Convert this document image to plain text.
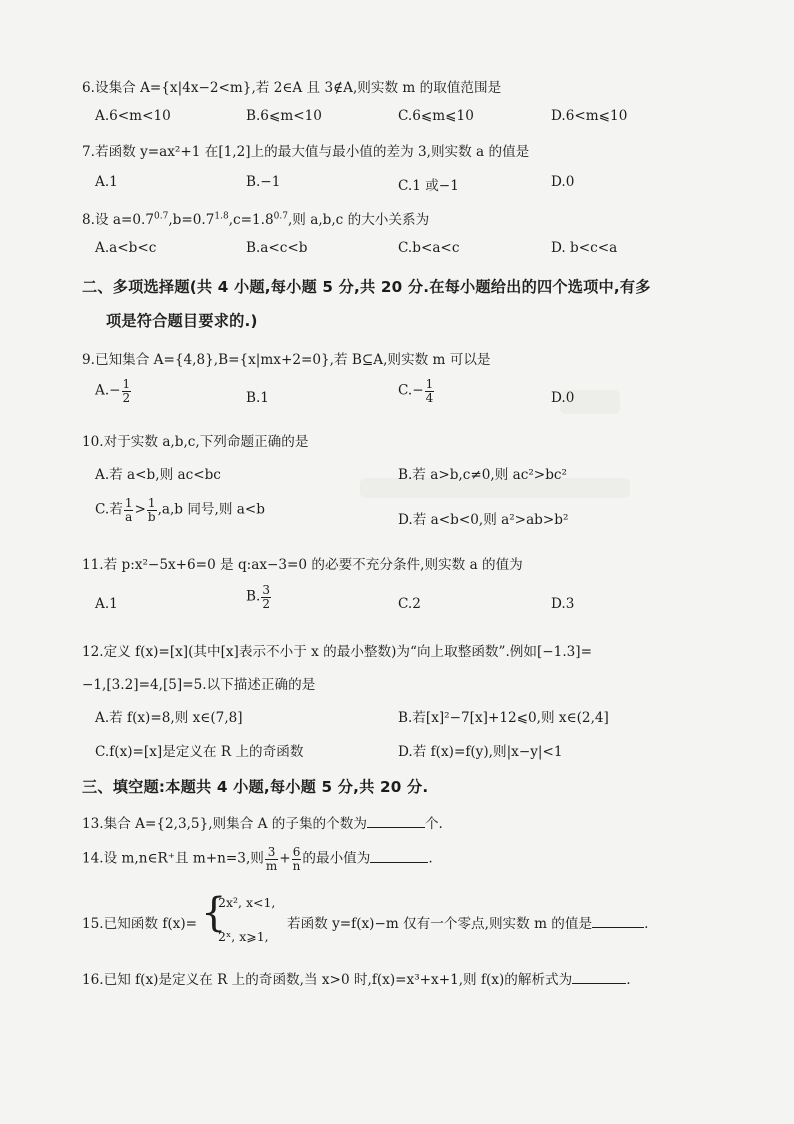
6.设集合 A={x|4x−2<m},若 2∈A 且 3∉A,则实数 m 的取值范围是
A.6<m<10	B.6⩽m<10	C.6⩽m⩽10	D.6<m⩽10
7.若函数 y=ax²+1 在[1,2]上的最大值与最小值的差为 3,则实数 a 的值是
A.1	B.−1	C.1 或−1	D.0
8.设 $a=0.7^{0.7},b=0.7^{1.8},c=1.8^{0.7}$,则 a,b,c 的大小关系为
A.a<b<c	B.a<c<b	C.b<a<c	D. b<c<a
二、多项选择题(共 4 小题,每小题 5 分,共 20 分.在每小题给出的四个选项中,有多
项是符合题目要求的.)
9.已知集合 A={4,8},B={x|mx+2=0},若 B⊆A,则实数 m 可以是
$A.- \frac{1}{2}$	B.1	$C.- \frac{1}{4}$	D.0
10.对于实数 a,b,c,下列命题正确的是
A.若 a<b,则 ac<bc	B.若 a>b,c≠0,则 ac²>bc²
C.若 $\frac{1}{a} > \frac{1}{b} ,a,b$ 同号,则 a<b
D.若 a<b<0,则 a²>ab>b²
11.若 p:x²−5x+6=0 是 q:ax−3=0 的必要不充分条件,则实数 a 的值为
A.1	B. $\frac{3}{2}$	C.2	D.3
12.定义 f(x)=[x](其中[x]表示不小于 x 的最小整数)为“向上取整函数”.例如[−1.3]=
−1,[3.2]=4,[5]=5.以下描述正确的是
A.若 f(x)=8,则 x∈(7,8]	B.若[x]²−7[x]+12⩽0,则 x∈(2,4]
C.f(x)=[x]是定义在 R 上的奇函数	D.若 f(x)=f(y),则|x−y|<1
三、填空题:本题共 4 小题,每小题 5 分,共 20 分.
13.集合 A={2,3,5},则集合 A 的子集的个数为	个.
14.设 m,n∈R⁺且 m+n=3,则 $\frac{3}{m} + \frac{6}{n}$ 的最小值为	.
15.已知函数 f(x)= {
2x², x<1,
2ˣ, x⩾1,
若函数 y=f(x)−m 仅有一个零点,则实数 m 的值是	.
16.已知 f(x)是定义在 R 上的奇函数,当 x>0 时,f(x)=x³+x+1,则 f(x)的解析式为	.
